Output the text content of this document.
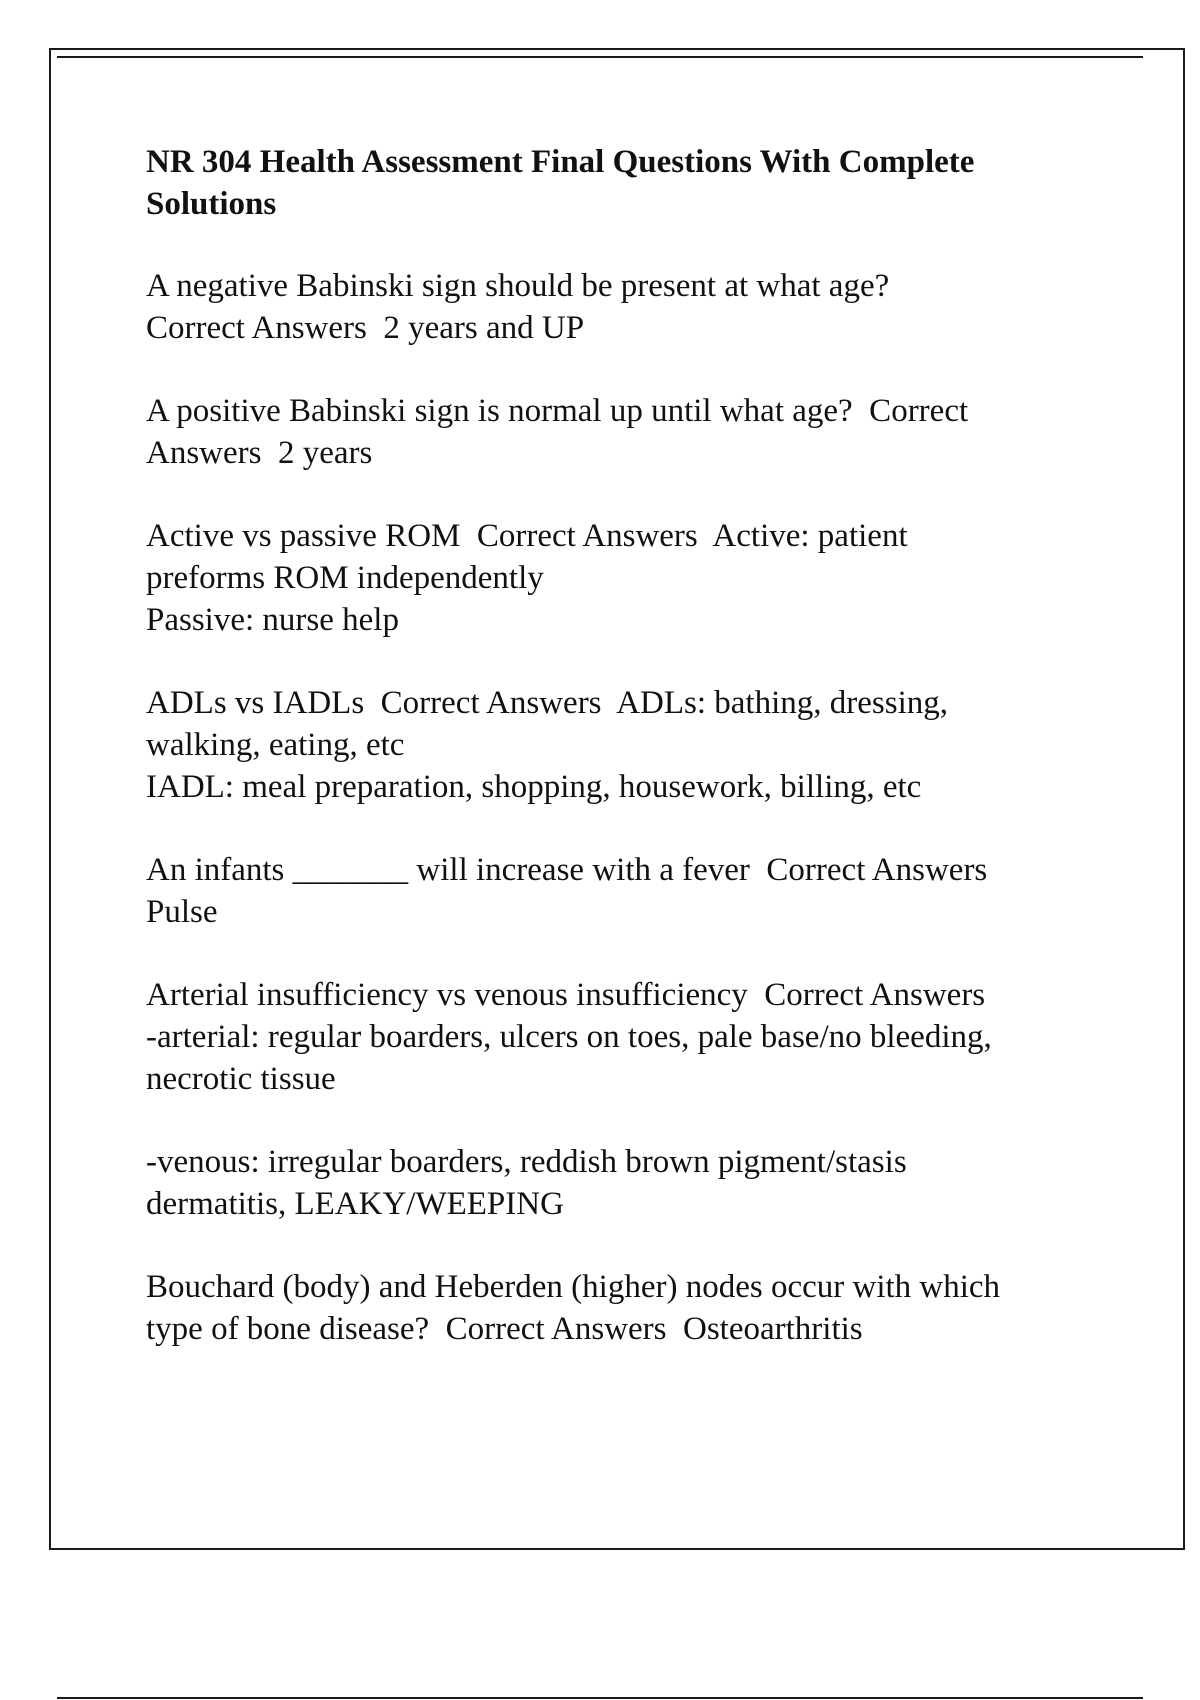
NR 304 Health Assessment Final Questions With Complete
Solutions
A negative Babinski sign should be present at what age?
Correct Answers  2 years and UP
A positive Babinski sign is normal up until what age?  Correct
Answers  2 years
Active vs passive ROM  Correct Answers  Active: patient
preforms ROM independently
Passive: nurse help
ADLs vs IADLs  Correct Answers  ADLs: bathing, dressing,
walking, eating, etc
IADL: meal preparation, shopping, housework, billing, etc
An infants _______ will increase with a fever  Correct Answers
Pulse
Arterial insufficiency vs venous insufficiency  Correct Answers
-arterial: regular boarders, ulcers on toes, pale base/no bleeding,
necrotic tissue
-venous: irregular boarders, reddish brown pigment/stasis
dermatitis, LEAKY/WEEPING
Bouchard (body) and Heberden (higher) nodes occur with which
type of bone disease?  Correct Answers  Osteoarthritis
